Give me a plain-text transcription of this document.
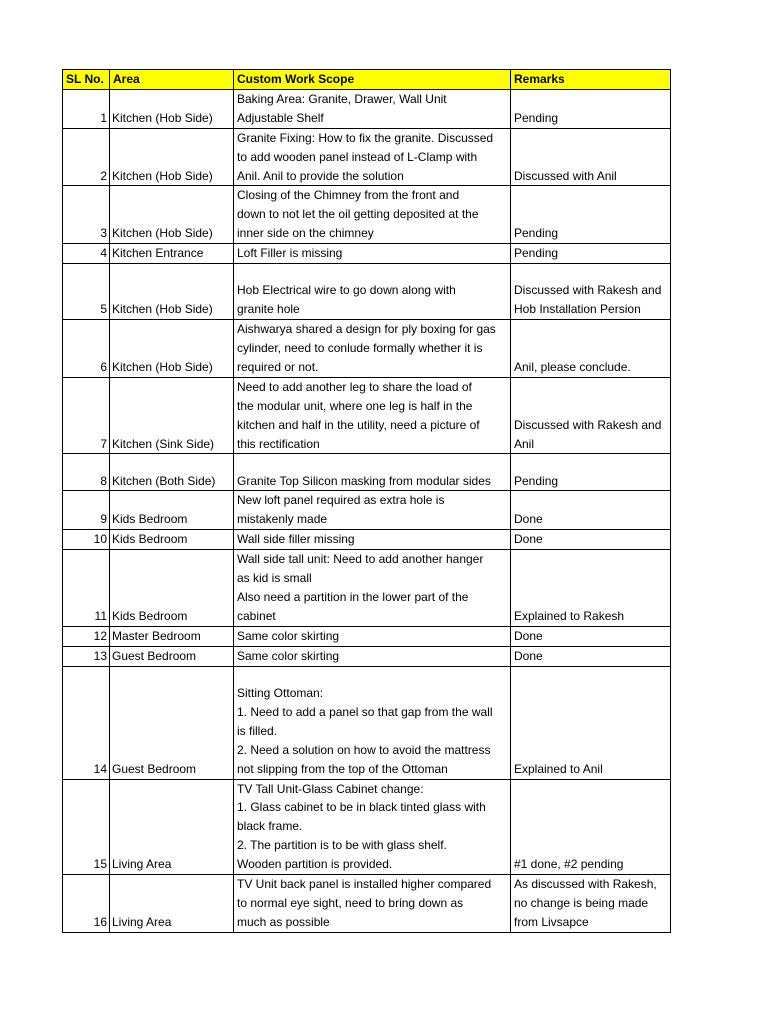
SL No.	Area	Custom Work Scope	Remarks
1	Kitchen (Hob Side)	Baking Area: Granite, Drawer, Wall Unit
Adjustable Shelf	Pending
2	Kitchen (Hob Side)	Granite Fixing: How to fix the granite. Discussed
to add wooden panel instead of L-Clamp with
Anil. Anil to provide the solution	Discussed with Anil
3	Kitchen (Hob Side)	Closing of the Chimney from the front and
down to not let the oil getting deposited at the
inner side on the chimney	Pending
4	Kitchen Entrance	Loft Filler is missing	Pending
5	Kitchen (Hob Side)	Hob Electrical wire to go down along with
granite hole	Discussed with Rakesh and
Hob Installation Persion
6	Kitchen (Hob Side)	Aishwarya shared a design for ply boxing for gas
cylinder, need to conlude formally whether it is
required or not.	Anil, please conclude.
7	Kitchen (Sink Side)	Need to add another leg to share the load of
the modular unit, where one leg is half in the
kitchen and half in the utility, need a picture of
this rectification	Discussed with Rakesh and
Anil
8	Kitchen (Both Side)	Granite Top Silicon masking from modular sides	Pending
9	Kids Bedroom	New loft panel required as extra hole is
mistakenly made	Done
10	Kids Bedroom	Wall side filler missing	Done
11	Kids Bedroom	Wall side tall unit: Need to add another hanger
as kid is small
Also need a partition in the lower part of the
cabinet	Explained to Rakesh
12	Master Bedroom	Same color skirting	Done
13	Guest Bedroom	Same color skirting	Done
14	Guest Bedroom	Sitting Ottoman:
1. Need to add a panel so that gap from the wall
is filled.
2. Need a solution on how to avoid the mattress
not slipping from the top of the Ottoman	Explained to Anil
15	Living Area	TV Tall Unit-Glass Cabinet change:
1. Glass cabinet to be in black tinted glass with
black frame.
2. The partition is to be with glass shelf.
Wooden partition is provided.	#1 done, #2 pending
16	Living Area	TV Unit back panel is installed higher compared
to normal eye sight, need to bring down as
much as possible	As discussed with Rakesh,
no change is being made
from Livsapce
